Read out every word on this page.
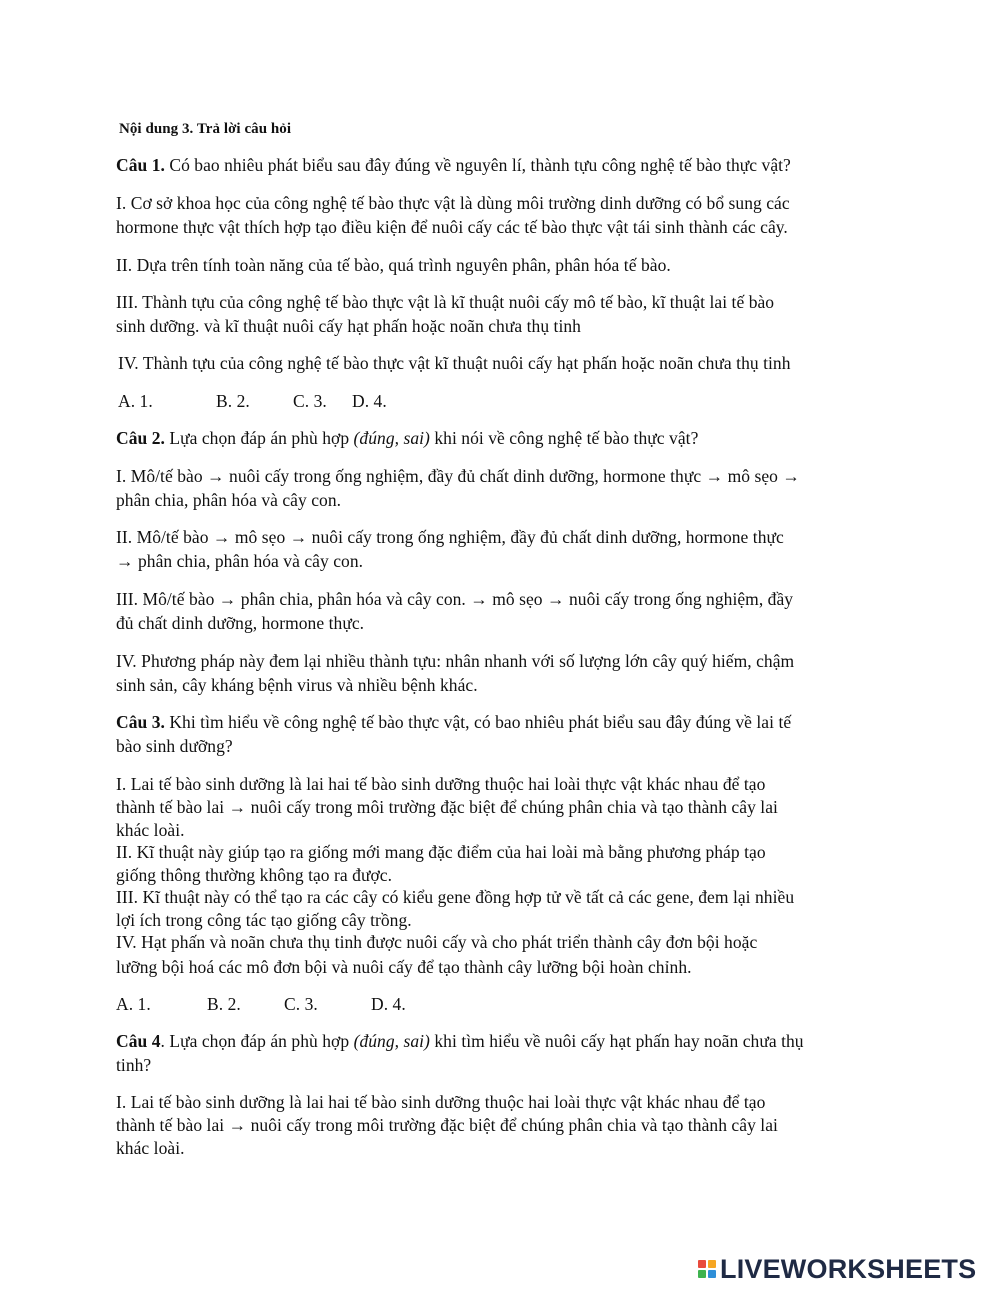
Nội dung 3. Trả lời câu hỏi
Câu 1. Có bao nhiêu phát biểu sau đây đúng về nguyên lí, thành tựu công nghệ tế bào thực vật?
I. Cơ sở khoa học của công nghệ tế bào thực vật là dùng môi trường dinh dưỡng có bổ sung các
hormone thực vật thích hợp tạo điều kiện để nuôi cấy các tế bào thực vật tái sinh thành các cây.
II. Dựa trên tính toàn năng của tế bào, quá trình nguyên phân, phân hóa tế bào.
III. Thành tựu của công nghệ tế bào thực vật là kĩ thuật nuôi cấy mô tế bào, kĩ thuật lai tế bào
sinh dưỡng. và kĩ thuật nuôi cấy hạt phấn hoặc noãn chưa thụ tinh
IV. Thành tựu của công nghệ tế bào thực vật kĩ thuật nuôi cấy hạt phấn hoặc noãn chưa thụ tinh
A. 1.	B. 2. C. 3. D. 4.
Câu 2. Lựa chọn đáp án phù hợp (đúng, sai) khi nói về công nghệ tế bào thực vật?
I. Mô/tế bào → nuôi cấy trong ống nghiệm, đầy đủ chất dinh dưỡng, hormone thực → mô sẹo →
phân chia, phân hóa và cây con.
II. Mô/tế bào → mô sẹo → nuôi cấy trong ống nghiệm, đầy đủ chất dinh dưỡng, hormone thực
→ phân chia, phân hóa và cây con.
III. Mô/tế bào → phân chia, phân hóa và cây con. → mô sẹo → nuôi cấy trong ống nghiệm, đầy
đủ chất dinh dưỡng, hormone thực.
IV. Phương pháp này đem lại nhiều thành tựu: nhân nhanh với số lượng lớn cây quý hiếm, chậm
sinh sản, cây kháng bệnh virus và nhiều bệnh khác.
Câu 3. Khi tìm hiểu về công nghệ tế bào thực vật, có bao nhiêu phát biểu sau đây đúng về lai tế
bào sinh dưỡng?
I. Lai tế bào sinh dưỡng là lai hai tế bào sinh dưỡng thuộc hai loài thực vật khác nhau để tạo
thành tế bào lai → nuôi cấy trong môi trường đặc biệt để chúng phân chia và tạo thành cây lai
khác loài.
II. Kĩ thuật này giúp tạo ra giống mới mang đặc điểm của hai loài mà bằng phương pháp tạo
giống thông thường không tạo ra được.
III. Kĩ thuật này có thể tạo ra các cây có kiểu gene đồng hợp tử về tất cả các gene, đem lại nhiều
lợi ích trong công tác tạo giống cây trồng.
IV. Hạt phấn và noãn chưa thụ tinh được nuôi cấy và cho phát triển thành cây đơn bội hoặc
lưỡng bội hoá các mô đơn bội và nuôi cấy để tạo thành cây lưỡng bội hoàn chỉnh.
A. 1.	B. 2. C. 3.	D. 4.
Câu 4. Lựa chọn đáp án phù hợp (đúng, sai) khi tìm hiểu về nuôi cấy hạt phấn hay noãn chưa thụ
tinh?
I. Lai tế bào sinh dưỡng là lai hai tế bào sinh dưỡng thuộc hai loài thực vật khác nhau để tạo
thành tế bào lai → nuôi cấy trong môi trường đặc biệt để chúng phân chia và tạo thành cây lai
khác loài.
LIVEWORKSHEETS
